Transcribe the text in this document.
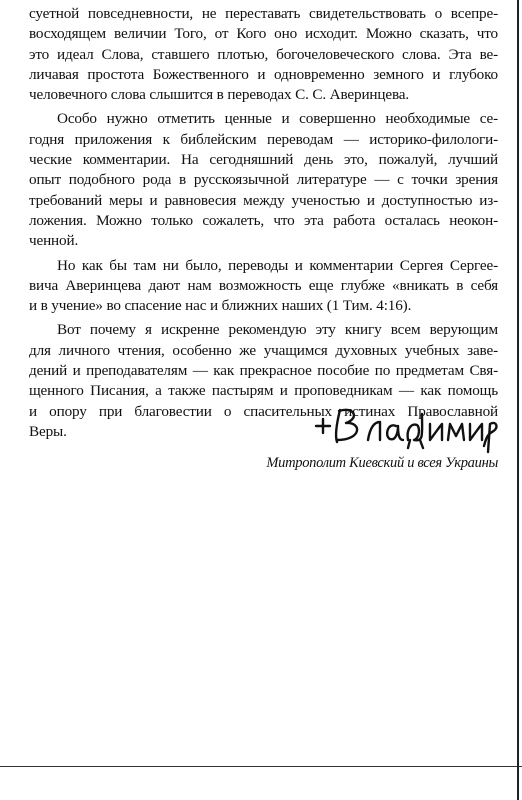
суетной повседневности, не переставать свидетельствовать о всепре-
восходящем величии Того, от Кого оно исходит. Можно сказать, что
это идеал Слова, ставшего плотью, богочеловеческого слова. Эта ве-
личавая простота Божественного и одновременно земного и глубоко
человечного слова слышится в переводах С. С. Аверинцева.
Особо нужно отметить ценные и совершенно необходимые се-
годня приложения к библейским переводам — историко-филологи-
ческие комментарии. На сегодняшний день это, пожалуй, лучший
опыт подобного рода в русскоязычной литературе — с точки зрения
требований меры и равновесия между ученостью и доступностью из-
ложения. Можно только сожалеть, что эта работа осталась неокон-
ченной.
Но как бы там ни было, переводы и комментарии Сергея Сергее-
вича Аверинцева дают нам возможность еще глубже «вникать в себя
и в учение» во спасение нас и ближних наших (1 Тим. 4:16).
Вот почему я искренне рекомендую эту книгу всем верующим
для личного чтения, особенно же учащимся духовных учебных заве-
дений и преподавателям — как прекрасное пособие по предметам Свя-
щенного Писания, а также пастырям и проповедникам — как помощь
и опору при благовестии о спасительных истинах Православной
Веры.
Митрополит Киевский и всея Украины
